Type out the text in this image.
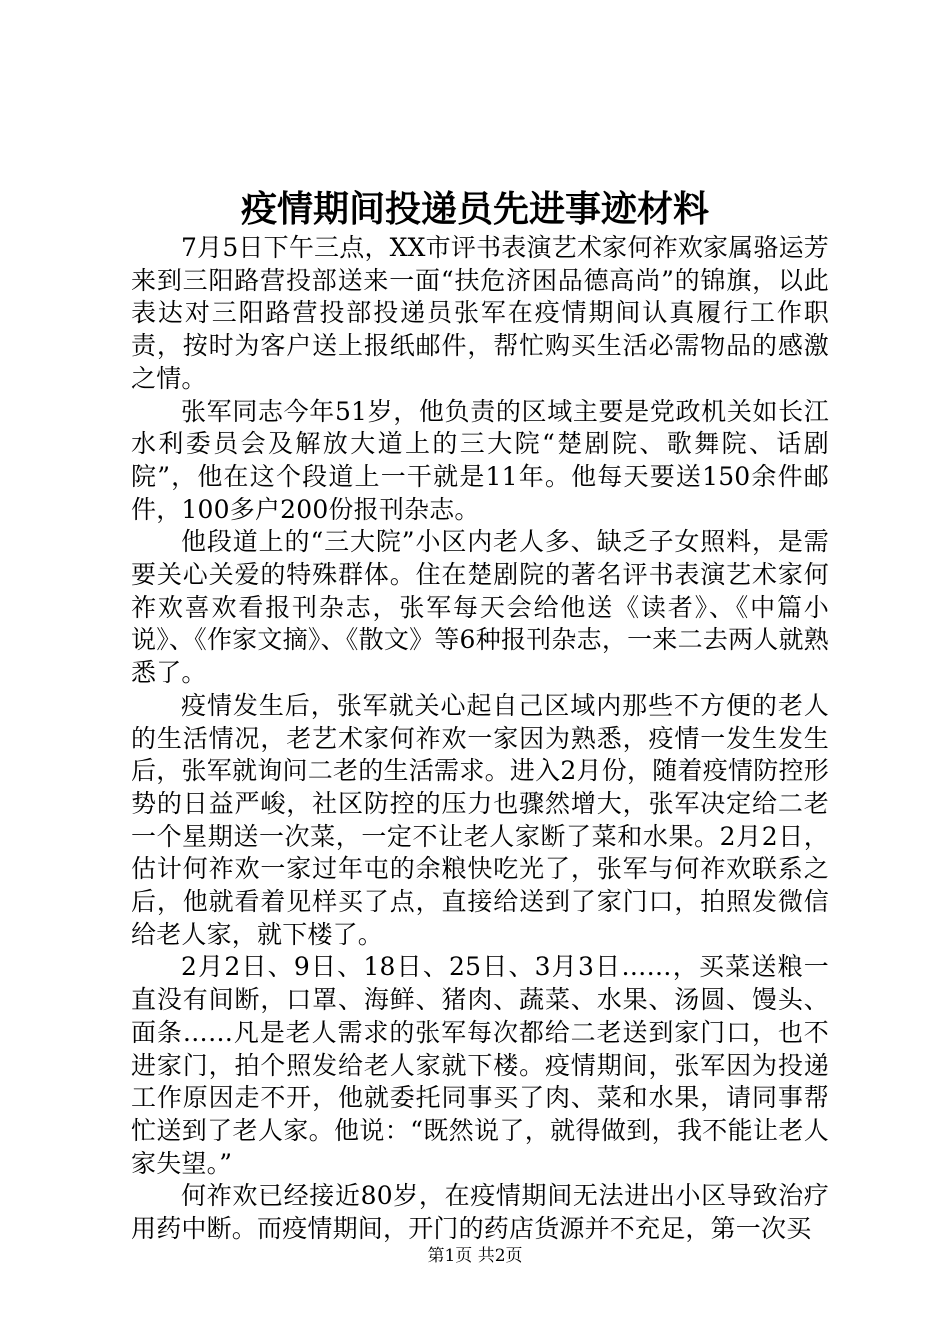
疫情期间投递员先进事迹材料

7月5日下午三点，XX市评书表演艺术家何祚欢家属骆运芳来到三阳路营投部送来一面“扶危济困品德高尚”的锦旗，以此表达对三阳路营投部投递员张军在疫情期间认真履行工作职责，按时为客户送上报纸邮件，帮忙购买生活必需物品的感激之情。

张军同志今年51岁，他负责的区域主要是党政机关如长江水利委员会及解放大道上的三大院“楚剧院、歌舞院、话剧院”，他在这个段道上一干就是11年。他每天要送150余件邮件，100多户200份报刊杂志。

他段道上的“三大院”小区内老人多、缺乏子女照料，是需要关心关爱的特殊群体。住在楚剧院的著名评书表演艺术家何祚欢喜欢看报刊杂志，张军每天会给他送《读者》、《中篇小说》、《作家文摘》、《散文》等6种报刊杂志，一来二去两人就熟悉了。

疫情发生后，张军就关心起自己区域内那些不方便的老人的生活情况，老艺术家何祚欢一家因为熟悉，疫情一发生发生后，张军就询问二老的生活需求。进入2月份，随着疫情防控形势的日益严峻，社区防控的压力也骤然增大，张军决定给二老一个星期送一次菜，一定不让老人家断了菜和水果。2月2日，估计何祚欢一家过年屯的余粮快吃光了，张军与何祚欢联系之后，他就看着见样买了点，直接给送到了家门口，拍照发微信给老人家，就下楼了。

2月2日、9日、18日、25日、3月3日……，买菜送粮一直没有间断，口罩、海鲜、猪肉、蔬菜、水果、汤圆、馒头、面条……凡是老人需求的张军每次都给二老送到家门口，也不进家门，拍个照发给老人家就下楼。疫情期间，张军因为投递工作原因走不开，他就委托同事买了肉、菜和水果，请同事帮忙送到了老人家。他说：“既然说了，就得做到，我不能让老人家失望。”

何祚欢已经接近80岁，在疫情期间无法进出小区导致治疗用药中断。而疫情期间，开门的药店货源并不充足，第一次买

第1页 共2页
